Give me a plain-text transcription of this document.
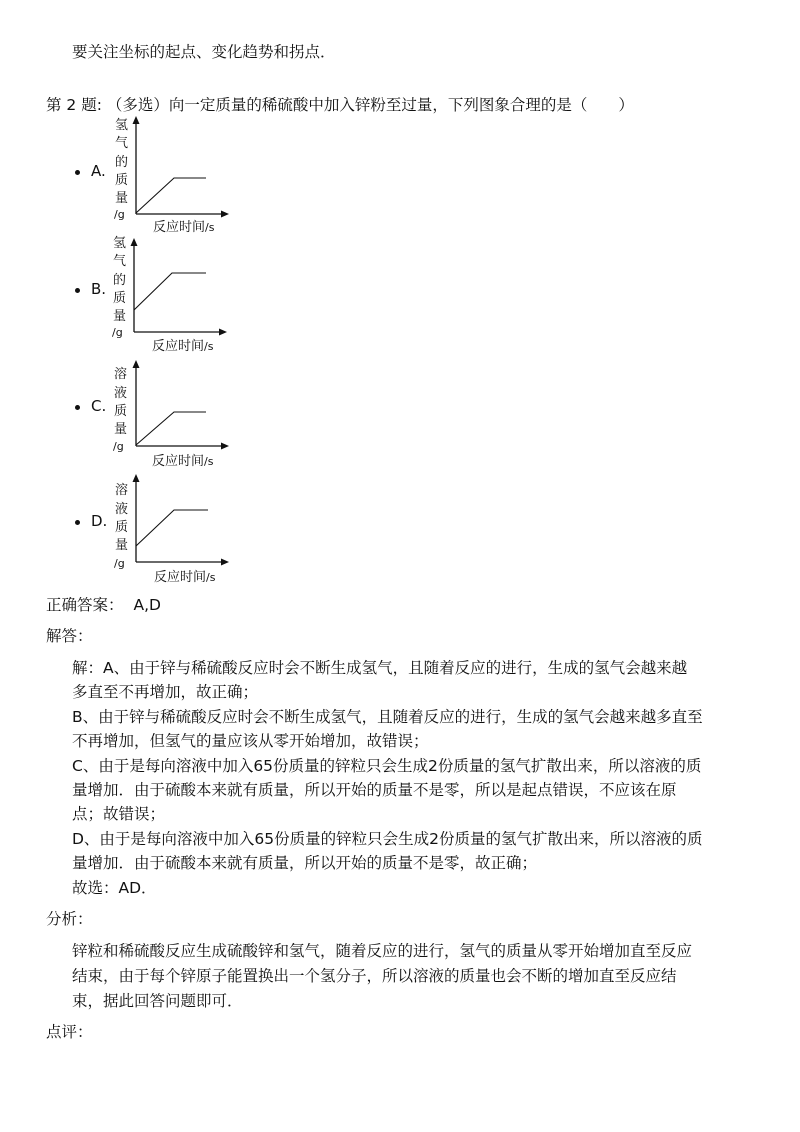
要关注坐标的起点、变化趋势和拐点．
第 2 题: （多选）向一定质量的稀硫酸中加入锌粉至过量，下列图象合理的是（　　）
A.
氢
气
的
质
量
/g
反应时间/s
B.
氢
气
的
质
量
/g
反应时间/s
C.
溶
液
质
量
/g
反应时间/s
D.
溶
液
质
量
/g
反应时间/s
正确答案： A,D
解答：
解：A、由于锌与稀硫酸反应时会不断生成氢气，且随着反应的进行，生成的氢气会越来越
多直至不再增加，故正确；
B、由于锌与稀硫酸反应时会不断生成氢气，且随着反应的进行，生成的氢气会越来越多直至
不再增加，但氢气的量应该从零开始增加，故错误；
C、由于是每向溶液中加入65份质量的锌粒只会生成2份质量的氢气扩散出来，所以溶液的质
量增加．由于硫酸本来就有质量，所以开始的质量不是零，所以是起点错误，不应该在原
点；故错误；
D、由于是每向溶液中加入65份质量的锌粒只会生成2份质量的氢气扩散出来，所以溶液的质
量增加．由于硫酸本来就有质量，所以开始的质量不是零，故正确；
故选：AD．
分析：
锌粒和稀硫酸反应生成硫酸锌和氢气，随着反应的进行，氢气的质量从零开始增加直至反应
结束，由于每个锌原子能置换出一个氢分子，所以溶液的质量也会不断的增加直至反应结
束，据此回答问题即可．
点评：
